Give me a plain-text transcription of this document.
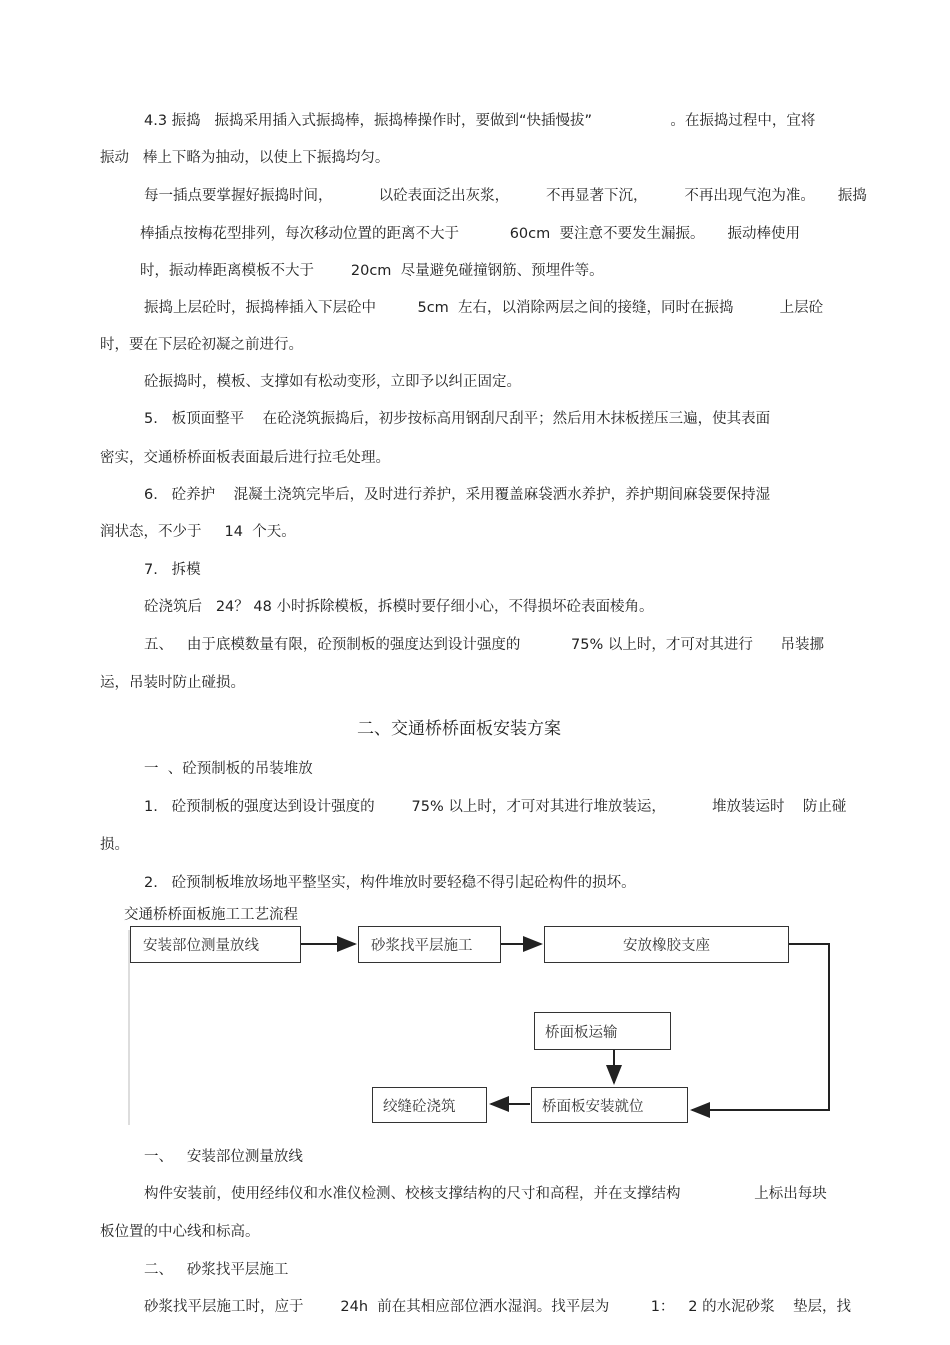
4.3 振捣   振捣采用插入式振捣棒，振捣棒操作时，要做到“快插慢拔”                 。在振捣过程中，宜将
振动   棒上下略为抽动，以使上下振捣均匀。
每一插点要掌握好振捣时间，          以砼表面泛出灰浆，        不再显著下沉，        不再出现气泡为准。     振捣
棒插点按梅花型排列，每次移动位置的距离不大于           60cm  要注意不要发生漏振。     振动棒使用
时，振动棒距离模板不大于        20cm  尽量避免碰撞钢筋、预埋件等。
振捣上层砼时，振捣棒插入下层砼中         5cm  左右，以消除两层之间的接缝，同时在振捣          上层砼
时，要在下层砼初凝之前进行。
砼振捣时，模板、支撑如有松动变形，立即予以纠正固定。
5.   板顶面整平    在砼浇筑振捣后，初步按标高用钢刮尺刮平；然后用木抹板搓压三遍，使其表面
密实，交通桥桥面板表面最后进行拉毛处理。
6.   砼养护    混凝土浇筑完毕后，及时进行养护，采用覆盖麻袋洒水养护，养护期间麻袋要保持湿
润状态，不少于     14  个天。
7.   拆模
砼浇筑后   24？ 48 小时拆除模板，拆模时要仔细小心，不得损坏砼表面棱角。
五、   由于底模数量有限，砼预制板的强度达到设计强度的           75% 以上时，才可对其进行      吊装挪
运，吊装时防止碰损。
二、交通桥桥面板安装方案
一  、砼预制板的吊装堆放
1.   砼预制板的强度达到设计强度的        75% 以上时，才可对其进行堆放装运，          堆放装运时    防止碰
损。
2.   砼预制板堆放场地平整坚实，构件堆放时要轻稳不得引起砼构件的损坏。
交通桥桥面板施工工艺流程
安装部位测量放线	砂浆找平层施工	安放橡胶支座
桥面板运输
桥面板安装就位
绞缝砼浇筑
一、   安装部位测量放线
构件安装前，使用经纬仪和水准仪检测、校核支撑结构的尺寸和高程，并在支撑结构                上标出每块
板位置的中心线和标高。
二、   砂浆找平层施工
砂浆找平层施工时，应于        24h  前在其相应部位洒水湿润。找平层为         1：   2 的水泥砂浆    垫层，找
